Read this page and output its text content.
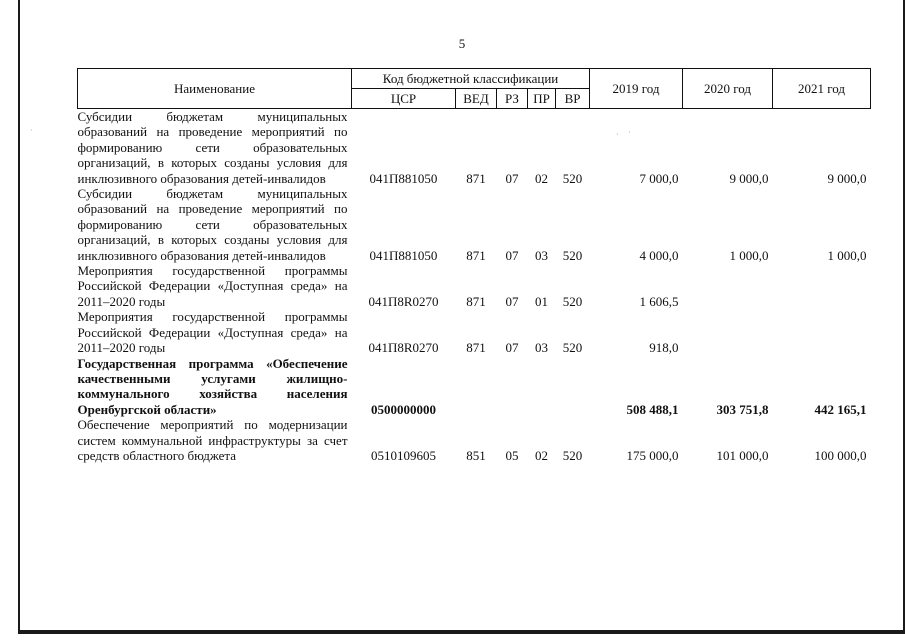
5
·	· ·
Наименование	Код бюджетной классификации					2019 год	2020 год	2021 год
	ЦСР	ВЕД	РЗ	ПР	ВР			
Субсидии бюджетам муниципальных образований на проведение мероприятий по формированию сети образовательных организаций, в которых созданы условия для инклюзивного образования детей-инвалидов	041П881050	871	07	02	520	7 000,0	9 000,0	9 000,0
Субсидии бюджетам муниципальных образований на проведение мероприятий по формированию сети образовательных организаций, в которых созданы условия для инклюзивного образования детей-инвалидов	041П881050	871	07	03	520	4 000,0	1 000,0	1 000,0
Мероприятия государственной программы Российской Федерации «Доступная среда» на 2011–2020 годы	041П8R0270	871	07	01	520	1 606,5		
Мероприятия государственной программы Российской Федерации «Доступная среда» на 2011–2020 годы	041П8R0270	871	07	03	520	918,0		
Государственная программа «Обеспечение качественными услугами жилищно-коммунального хозяйства населения Оренбургской области»	0500000000					508 488,1	303 751,8	442 165,1
Обеспечение мероприятий по модернизации систем коммунальной инфраструктуры за счет средств областного бюджета	0510109605	851	05	02	520	175 000,0	101 000,0	100 000,0
